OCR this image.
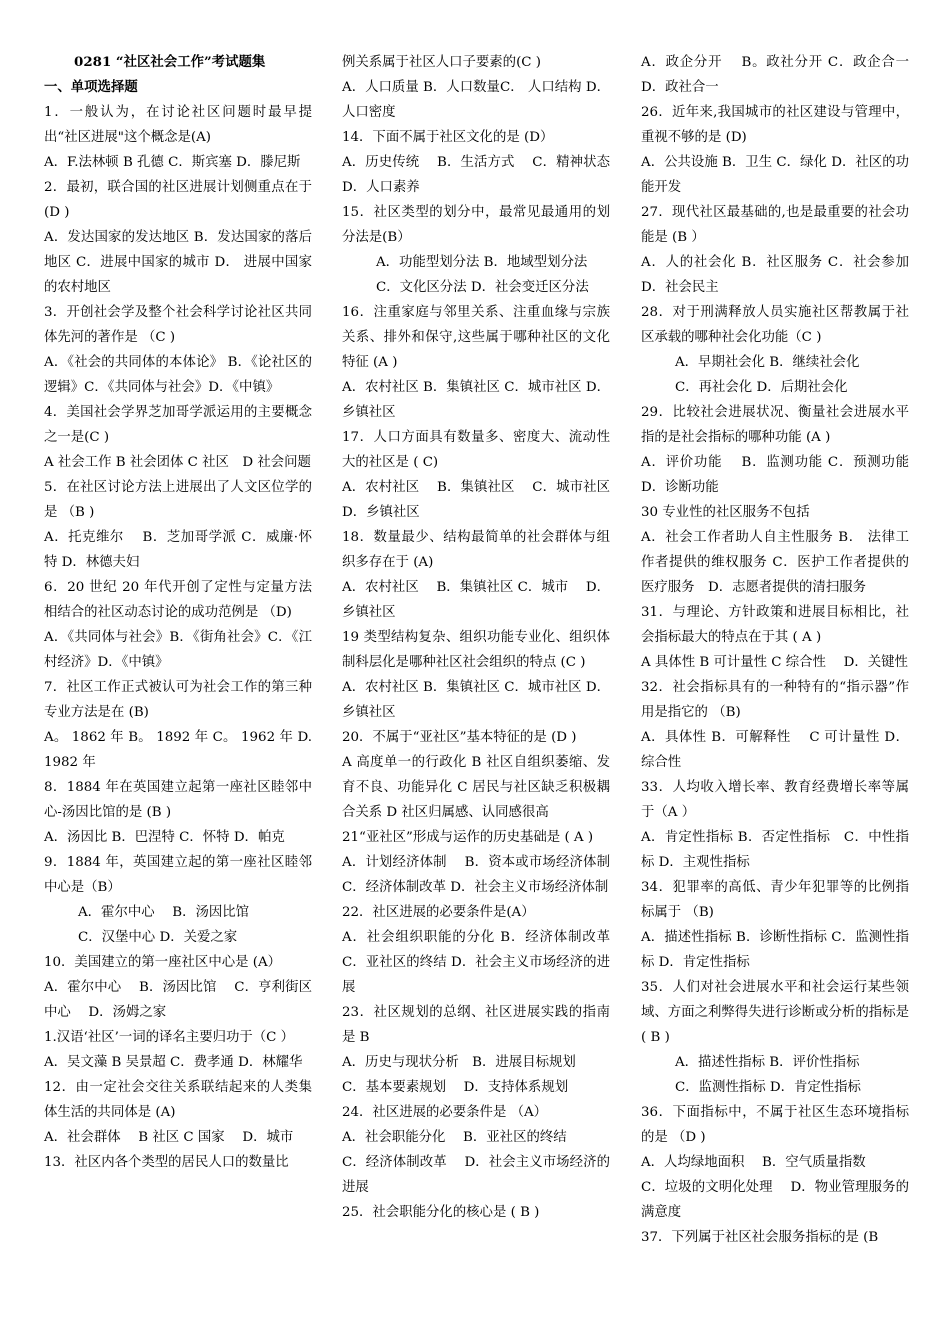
0281 “社区社会工作”考试题集

一、单项选择题

1．一般认为，在讨论社区问题时最早提出“社区进展"这个概念是(A)

A．F.法林顿 B 孔德 C．斯宾塞 D．滕尼斯

2．最初，联合国的社区进展计划侧重点在于 (D )

A．发达国家的发达地区 B．发达国家的落后地区 C．进展中国家的城市 D． 进展中国家的农村地区

3．开创社会学及整个社会科学讨论社区共同体先河的著作是 （C )

A．《社会的共同体的本体论》 B．《论社区的逻辑》C．《共同体与社会》D．《中镇》

4．美国社会学界芝加哥学派运用的主要概念之一是(C )

A 社会工作 B 社会团体 C 社区　D 社会问题

5．在社区讨论方法上进展出了人文区位学的是 （B )

A．托克维尔　 B．芝加哥学派 C．威廉·怀特 D．林德夫妇

6．20 世纪 20 年代开创了定性与定量方法相结合的社区动态讨论的成功范例是 （D)

A．《共同体与社会》B．《街角社会》C．《江村经济》D．《中镇》

7．社区工作正式被认可为社会工作的第三种专业方法是在 (B)

A。 1862 年 B。 1892 年 C。 1962 年 D.1982 年

8．1884 年在英国建立起第一座社区睦邻中心-汤因比馆的是 (B )

A．汤因比 B．巴涅特 C．怀特 D．帕克

9．1884 年，英国建立起的第一座社区睦邻中心是（B）

A．霍尔中心　 B．汤因比馆

C．汉堡中心 D．关爱之家

10．美国建立的第一座社区中心是 (A）

A．霍尔中心　 B．汤因比馆　 C．亨利街区中心　 D．汤姆之家

1.汉语‘社区’一词的译名主要归功于（C ）

A．吴文藻 B 吴景超 C．费孝通 D．林耀华

12．由一定社会交往关系联结起来的人类集体生活的共同体是 (A)

A．社会群体　 B 社区 C 国家　 D．城市

13．社区内各个类型的居民人口的数量比

例关系属于社区人口子要素的(C )

A．人口质量 B．人口数量C． 人口结构 D．人口密度

14．下面不属于社区文化的是 (D）

A．历史传统　 B．生活方式　 C．精神状态　D．人口素养

15．社区类型的划分中，最常见最通用的划分法是(B）

A．功能型划分法 B．地域型划分法

C．文化区分法 D．社会变迁区分法

16．注重家庭与邻里关系、注重血缘与宗族关系、排外和保守,这些属于哪种社区的文化特征 (A )

A．农村社区 B．集镇社区 C．城市社区 D．乡镇社区

17．人口方面具有数量多、密度大、流动性大的社区是 ( C)

A．农村社区　 B．集镇社区　 C．城市社区 D．乡镇社区

18．数量最少、结构最简单的社会群体与组织多存在于 (A)

A．农村社区　 B．集镇社区 C．城市　 D．乡镇社区

19 类型结构复杂、组织功能专业化、组织体制科层化是哪种社区社会组织的特点 (C )

A．农村社区 B．集镇社区 C．城市社区 D．乡镇社区

20．不属于“亚社区”基本特征的是 (D )

A 高度单一的行政化 B 社区自组织萎缩、发育不良、功能异化 C 居民与社区缺乏积极耦合关系 D 社区归属感、认同感很高

21“亚社区”形成与运作的历史基础是 ( A )

A．计划经济体制　 B．资本或市场经济体制 C．经济体制改革 D．社会主义市场经济体制

22．社区进展的必要条件是(A）

A．社会组织职能的分化 B．经济体制改革　C．亚社区的终结 D．社会主义市场经济的进展

23．社区规划的总纲、社区进展实践的指南是 B

A．历史与现状分析　B．进展目标规划

C．基本要素规划　 D．支持体系规划

24．社区进展的必要条件是 （A）

A．社会职能分化　 B．亚社区的终结

C．经济体制改革　 D．社会主义市场经济的进展

25．社会职能分化的核心是 ( B )

A．政企分开　 B。政社分开 C．政企合一 D．政社合一

26．近年来,我国城市的社区建设与管理中，重视不够的是 (D)

A．公共设施 B．卫生 C．绿化 D．社区的功能开发

27．现代社区最基础的,也是最重要的社会功能是 (B ）

A．人的社会化 B．社区服务 C．社会参加　 D．社会民主

28．对于刑满释放人员实施社区帮教属于社区承载的哪种社会化功能（C )

A．早期社会化 B．继续社会化

C．再社会化 D．后期社会化

29．比较社会进展状况、衡量社会进展水平指的是社会指标的哪种功能 (A )

A．评价功能　 B．监测功能 C．预测功能 D．诊断功能

30 专业性的社区服务不包括

A．社会工作者助人自主性服务 B． 法律工作者提供的维权服务 C．医护工作者提供的医疗服务　D．志愿者提供的清扫服务

31．与理论、方针政策和进展目标相比，社会指标最大的特点在于其 ( A )

A 具体性 B 可计量性 C 综合性　 D．关键性

32．社会指标具有的一种特有的“指示器”作用是指它的 （B)

A．具体性 B．可解释性　 C 可计量性 D．综合性

33．人均收入增长率、教育经费增长率等属于（A ）

A．肯定性指标 B．否定性指标　C．中性指标 D．主观性指标

34．犯罪率的高低、青少年犯罪等的比例指标属于 （B)

A．描述性指标 B．诊断性指标 C．监测性指标 D．肯定性指标

35．人们对社会进展水平和社会运行某些领域、方面之利弊得失进行诊断或分析的指标是 ( B )

A．描述性指标 B．评价性指标

C．监测性指标 D．肯定性指标

36．下面指标中，不属于社区生态环境指标的是 （D )

A．人均绿地面积　 B．空气质量指数

C．垃圾的文明化处理　 D．物业管理服务的满意度

37．下列属于社区社会服务指标的是 (B
